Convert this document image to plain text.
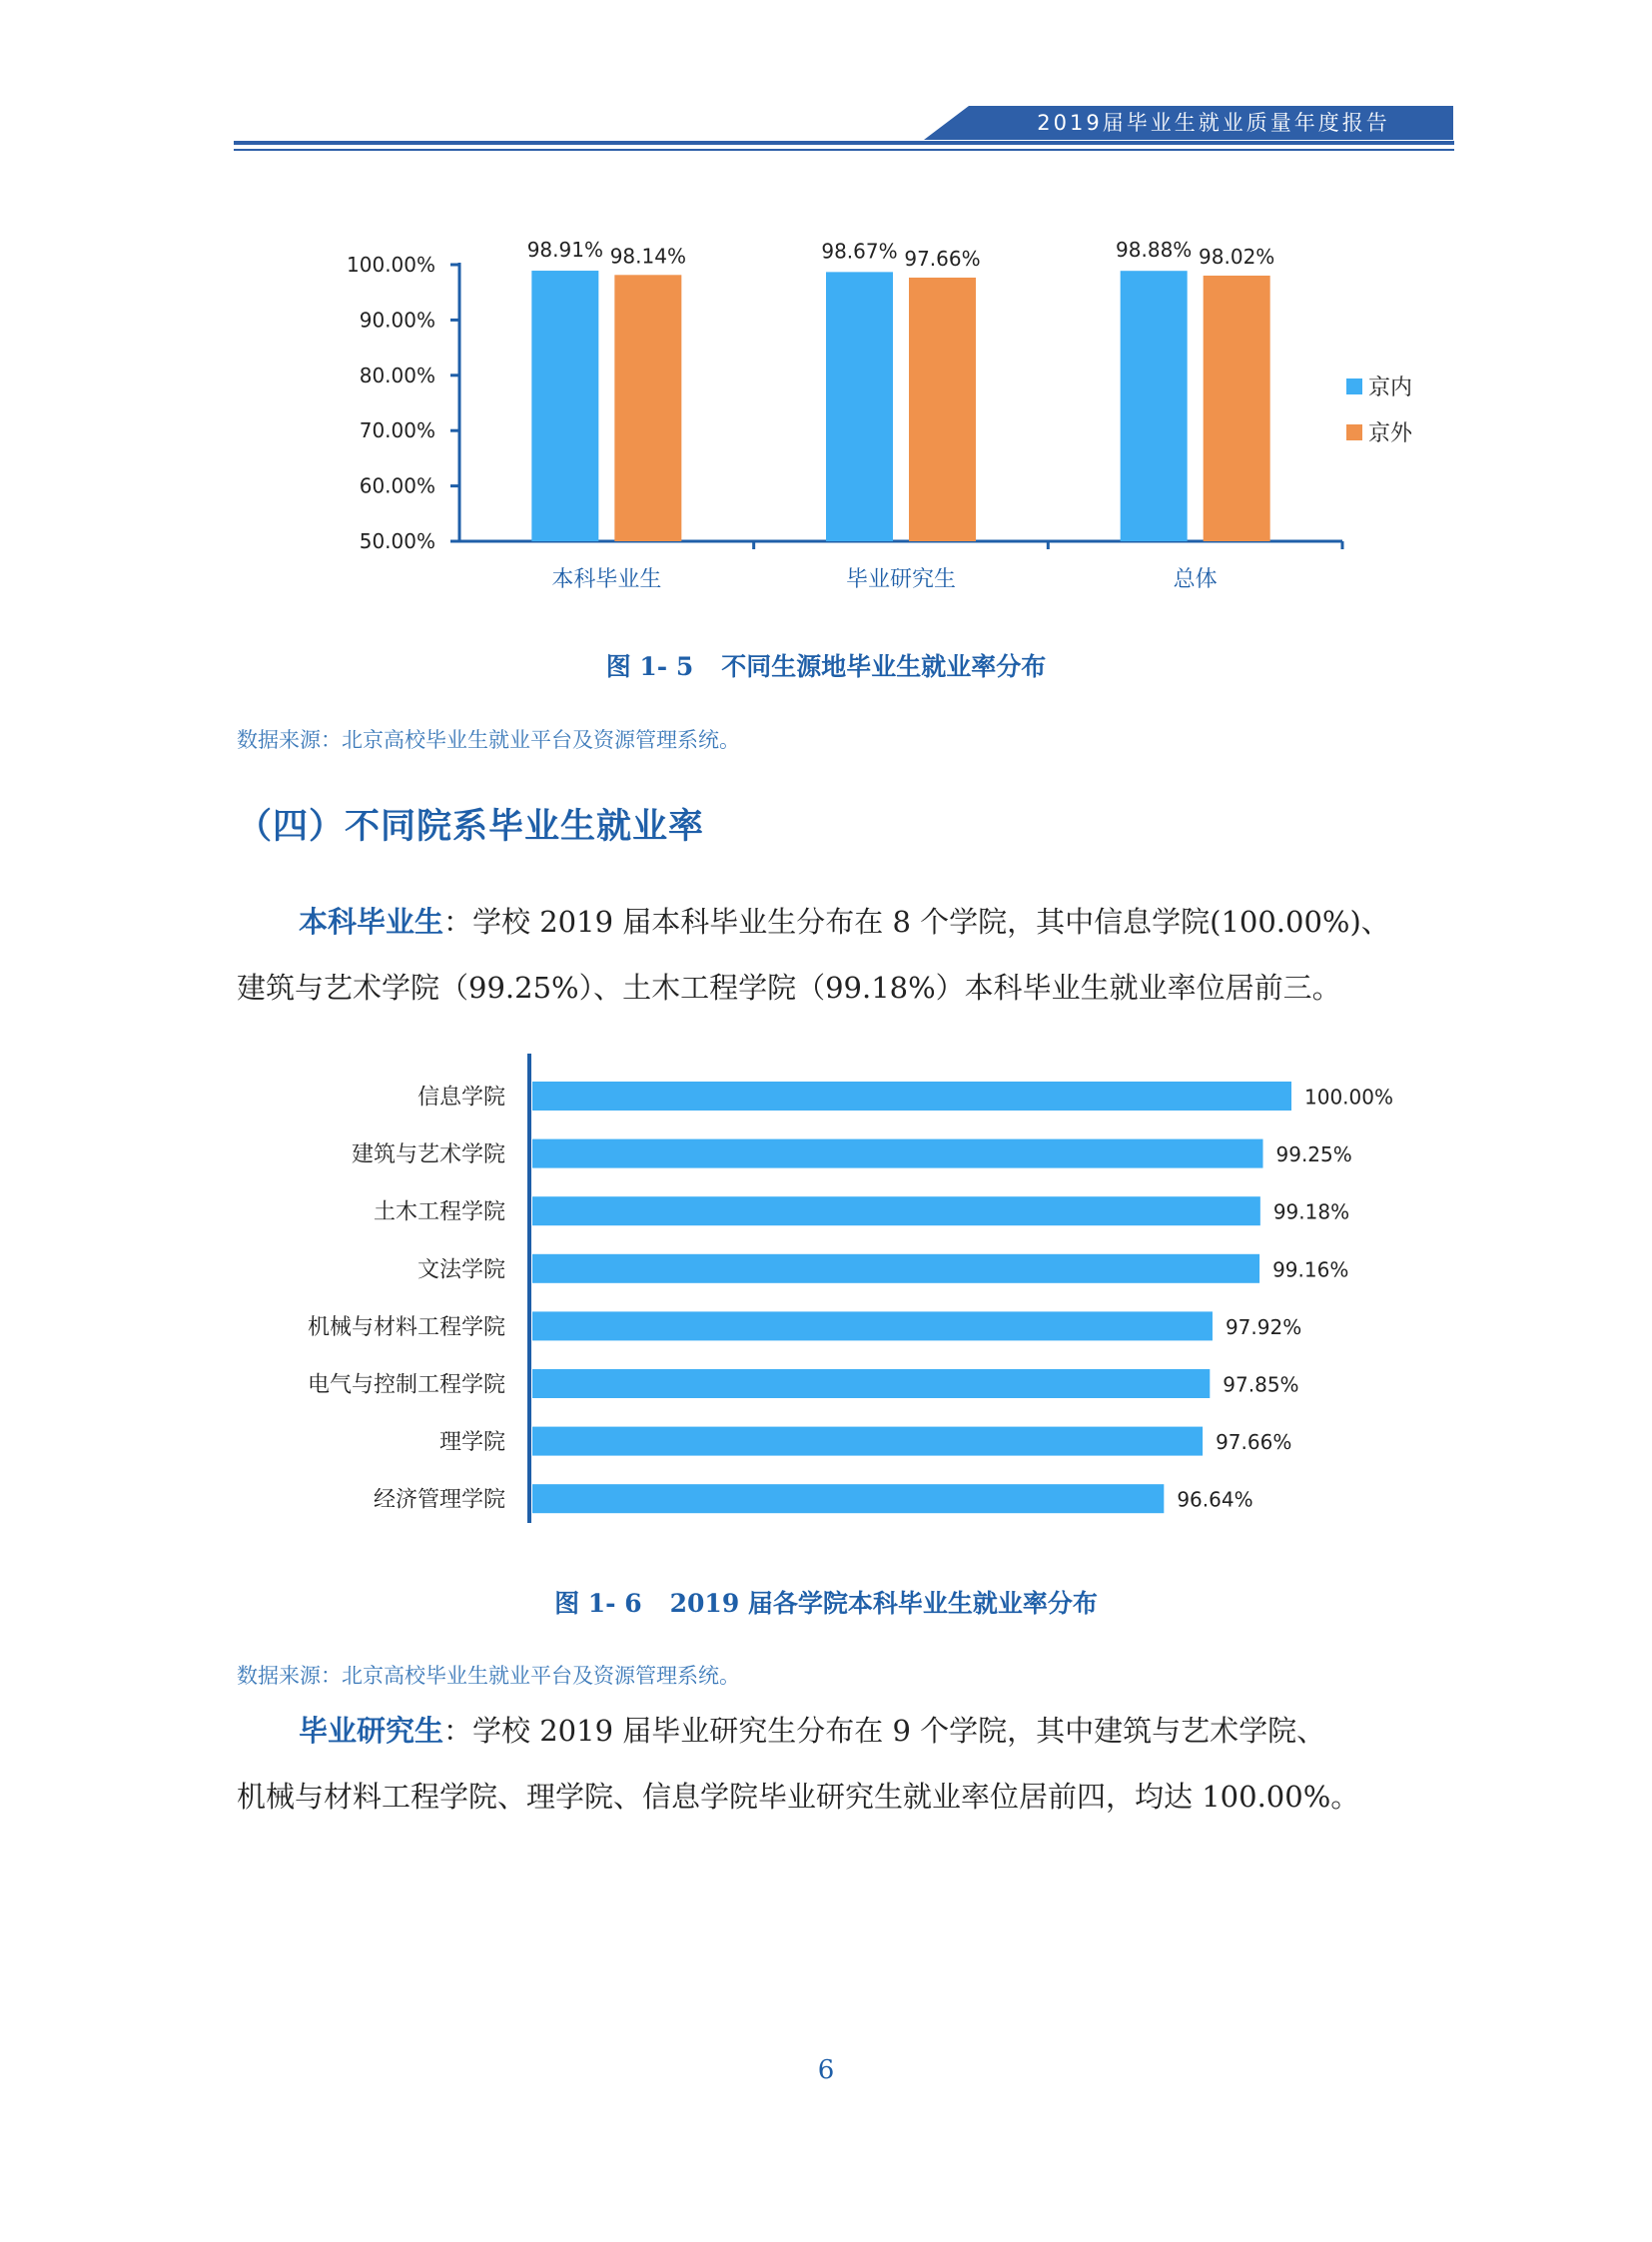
2019届毕业生就业质量年度报告
100.00%
90.00%
80.00%
70.00%
60.00%
50.00%
本科毕业生
98.91% 98.14%
毕业研究生
98.67% 97.66%
总体
98.88% 98.02%
京内
京外
图 1- 5 不同生源地毕业生就业率分布
数据来源：北京高校毕业生就业平台及资源管理系统。
（四）不同院系毕业生就业率
本科毕业生：学校 2019 届本科毕业生分布在 8 个学院，其中信息学院(100.00%)、
建筑与艺术学院（99.25%）、土木工程学院（99.18%）本科毕业生就业率位居前三。
信息学院	100.00%
建筑与艺术学院	99.25%
土木工程学院	99.18%
文法学院	99.16%
机械与材料工程学院	97.92%
电气与控制工程学院	97.85%
理学院	97.66%
经济管理学院	96.64%
图 1- 6 2019 届各学院本科毕业生就业率分布
数据来源：北京高校毕业生就业平台及资源管理系统。
毕业研究生：学校 2019 届毕业研究生分布在 9 个学院，其中建筑与艺术学院、
机械与材料工程学院、理学院、信息学院毕业研究生就业率位居前四，均达 100.00%。
6
